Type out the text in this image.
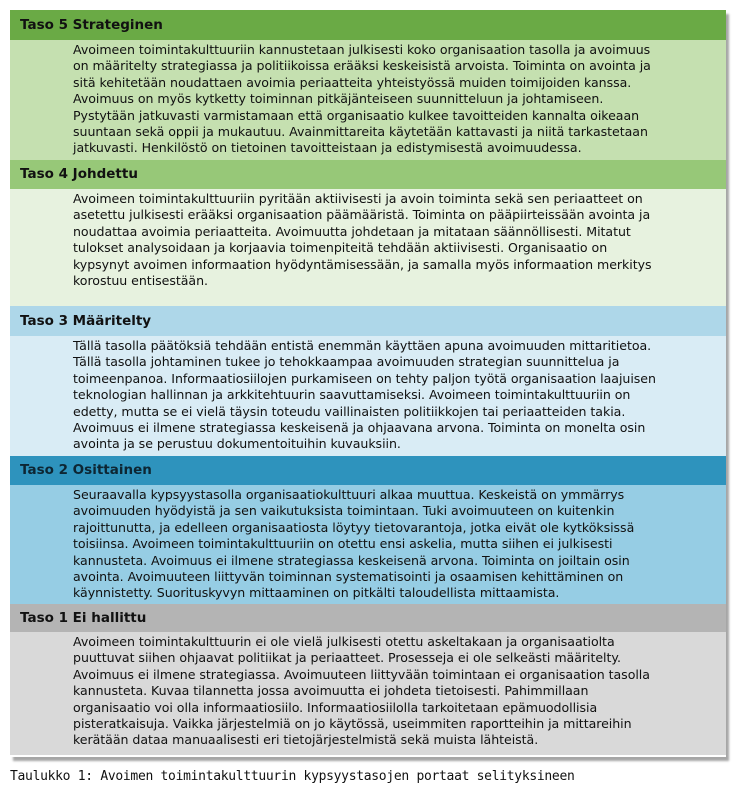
Taso 5 Strateginen
Avoimeen toimintakulttuuriin kannustetaan julkisesti koko organisaation tasolla ja avoimuus
on määritelty strategiassa ja politiikoissa erääksi keskeisistä arvoista. Toiminta on avointa ja
sitä kehitetään noudattaen avoimia periaatteita yhteistyössä muiden toimijoiden kanssa.
Avoimuus on myös kytketty toiminnan pitkäjänteiseen suunnitteluun ja johtamiseen.
Pystytään jatkuvasti varmistamaan että organisaatio kulkee tavoitteiden kannalta oikeaan
suuntaan sekä oppii ja mukautuu. Avainmittareita käytetään kattavasti ja niitä tarkastetaan
jatkuvasti. Henkilöstö on tietoinen tavoitteistaan ja edistymisestä avoimuudessa.
Taso 4 Johdettu
Avoimeen toimintakulttuuriin pyritään aktiivisesti ja avoin toiminta sekä sen periaatteet on
asetettu julkisesti erääksi organisaation päämääristä. Toiminta on pääpiirteissään avointa ja
noudattaa avoimia periaatteita. Avoimuutta johdetaan ja mitataan säännöllisesti. Mitatut
tulokset analysoidaan ja korjaavia toimenpiteitä tehdään aktiivisesti. Organisaatio on
kypsynyt avoimen informaation hyödyntämisessään, ja samalla myös informaation merkitys
korostuu entisestään.
Taso 3 Määritelty
Tällä tasolla päätöksiä tehdään entistä enemmän käyttäen apuna avoimuuden mittaritietoa.
Tällä tasolla johtaminen tukee jo tehokkaampaa avoimuuden strategian suunnittelua ja
toimeenpanoa. Informaatiosiilojen purkamiseen on tehty paljon työtä organisaation laajuisen
teknologian hallinnan ja arkkitehtuurin saavuttamiseksi. Avoimeen toimintakulttuuriin on
edetty, mutta se ei vielä täysin toteudu vaillinaisten politiikkojen tai periaatteiden takia.
Avoimuus ei ilmene strategiassa keskeisenä ja ohjaavana arvona. Toiminta on monelta osin
avointa ja se perustuu dokumentoituihin kuvauksiin.
Taso 2 Osittainen
Seuraavalla kypsyystasolla organisaatiokulttuuri alkaa muuttua. Keskeistä on ymmärrys
avoimuuden hyödyistä ja sen vaikutuksista toimintaan. Tuki avoimuuteen on kuitenkin
rajoittunutta, ja edelleen organisaatiosta löytyy tietovarantoja, jotka eivät ole kytköksissä
toisiinsa. Avoimeen toimintakulttuuriin on otettu ensi askelia, mutta siihen ei julkisesti
kannusteta. Avoimuus ei ilmene strategiassa keskeisenä arvona. Toiminta on joiltain osin
avointa. Avoimuuteen liittyvän toiminnan systematisointi ja osaamisen kehittäminen on
käynnistetty. Suorituskyvyn mittaaminen on pitkälti taloudellista mittaamista.
Taso 1 Ei hallittu
Avoimeen toimintakulttuurin ei ole vielä julkisesti otettu askeltakaan ja organisaatiolta
puuttuvat siihen ohjaavat politiikat ja periaatteet. Prosesseja ei ole selkeästi määritelty.
Avoimuus ei ilmene strategiassa. Avoimuuteen liittyvään toimintaan ei organisaation tasolla
kannusteta. Kuvaa tilannetta jossa avoimuutta ei johdeta tietoisesti. Pahimmillaan
organisaatio voi olla informaatiosiilo. Informaatiosiilolla tarkoitetaan epämuodollisia
pisteratkaisuja. Vaikka järjestelmiä on jo käytössä, useimmiten raportteihin ja mittareihin
kerätään dataa manuaalisesti eri tietojärjestelmistä sekä muista lähteistä.
Taulukko 1: Avoimen toimintakulttuurin kypsyystasojen portaat selityksineen
